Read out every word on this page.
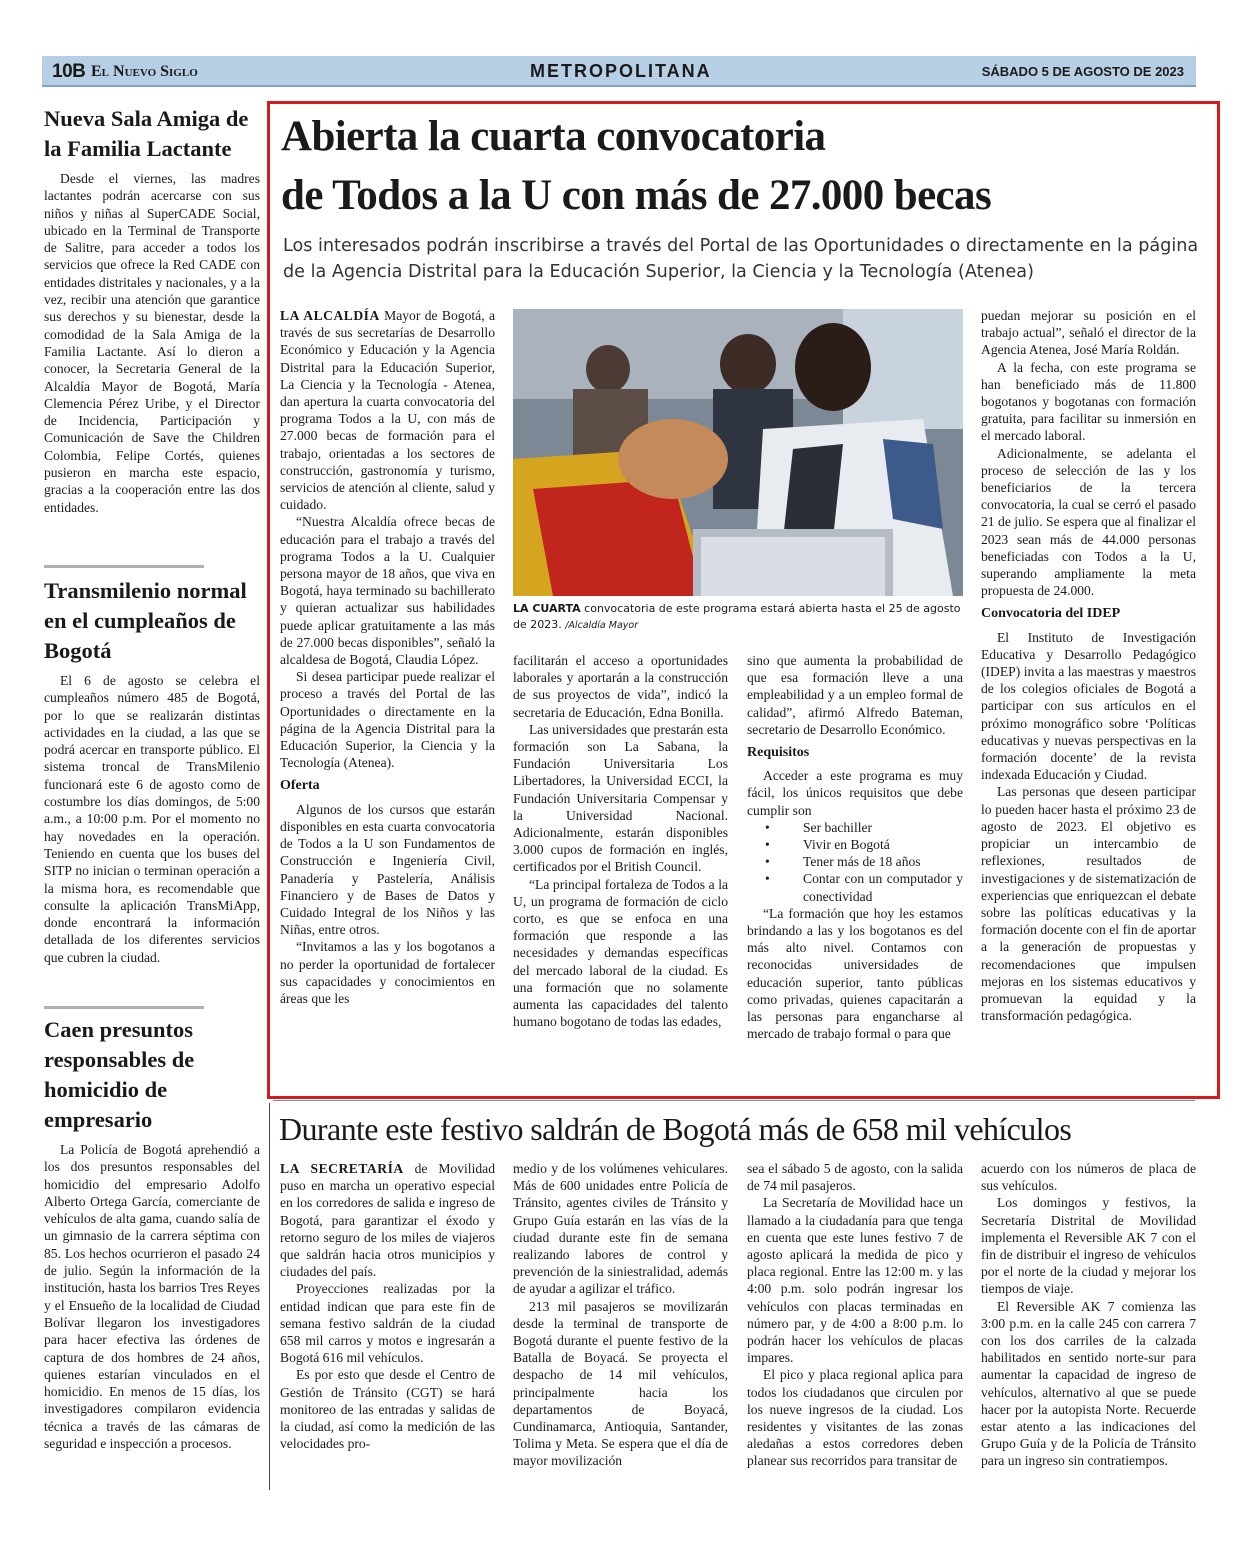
10B El Nuevo Siglo	METROPOLITANA	SÁBADO 5 DE AGOSTO DE 2023
Nueva Sala Amiga de la Familia Lactante
Desde el viernes, las madres lactantes podrán acercarse con sus niños y niñas al SuperCADE Social, ubicado en la Terminal de Transporte de Salitre, para acceder a todos los servicios que ofrece la Red CADE con entidades distritales y nacionales, y a la vez, recibir una atención que garantice sus derechos y su bienestar, desde la comodidad de la Sala Amiga de la Familia Lactante. Así lo dieron a conocer, la Secretaria General de la Alcaldía Mayor de Bogotá, María Clemencia Pérez Uribe, y el Director de Incidencia, Participación y Comunicación de Save the Children Colombia, Felipe Cortés, quienes pusieron en marcha este espacio, gracias a la cooperación entre las dos entidades.
Transmilenio normal en el cumpleaños de Bogotá
El 6 de agosto se celebra el cumpleaños número 485 de Bogotá, por lo que se realizarán distintas actividades en la ciudad, a las que se podrá acercar en transporte público. El sistema troncal de TransMilenio funcionará este 6 de agosto como de costumbre los días domingos, de 5:00 a.m., a 10:00 p.m. Por el momento no hay novedades en la operación. Teniendo en cuenta que los buses del SITP no inician o terminan operación a la misma hora, es recomendable que consulte la aplicación TransMiApp, donde encontrará la información detallada de los diferentes servicios que cubren la ciudad.
Caen presuntos responsables de homicidio de empresario
La Policía de Bogotá aprehendió a los dos presuntos responsables del homicidio del empresario Adolfo Alberto Ortega García, comerciante de vehículos de alta gama, cuando salía de un gimnasio de la carrera séptima con 85. Los hechos ocurrieron el pasado 24 de julio. Según la información de la institución, hasta los barrios Tres Reyes y el Ensueño de la localidad de Ciudad Bolívar llegaron los investigadores para hacer efectiva las órdenes de captura de dos hombres de 24 años, quienes estarían vinculados en el homicidio. En menos de 15 días, los investigadores compilaron evidencia técnica a través de las cámaras de seguridad e inspección a procesos.
Abierta la cuarta convocatoria
de Todos a la U con más de 27.000 becas
Los interesados podrán inscribirse a través del Portal de las Oportunidades o directamente en la página de la Agencia Distrital para la Educación Superior, la Ciencia y la Tecnología (Atenea)

LA ALCALDÍA Mayor de Bogotá, a través de sus secretarías de Desarrollo Económico y Educación y la Agencia Distrital para la Educación Superior, La Ciencia y la Tecnología - Atenea, dan apertura la cuarta convocatoria del programa Todos a la U, con más de 27.000 becas de formación para el trabajo, orientadas a los sectores de construcción, gastronomía y turismo, servicios de atención al cliente, salud y cuidado.

“Nuestra Alcaldía ofrece becas de educación para el trabajo a través del programa Todos a la U. Cualquier persona mayor de 18 años, que viva en Bogotá, haya terminado su bachillerato y quieran actualizar sus habilidades puede aplicar gratuitamente a las más de 27.000 becas disponibles”, señaló la alcaldesa de Bogotá, Claudia López.

Si desea participar puede realizar el proceso a través del Portal de las Oportunidades o directamente en la página de la Agencia Distrital para la Educación Superior, la Ciencia y la Tecnología (Atenea).

Oferta

Algunos de los cursos que estarán disponibles en esta cuarta convocatoria de Todos a la U son Fundamentos de Construcción e Ingeniería Civil, Panadería y Pastelería, Análisis Financiero y de Bases de Datos y Cuidado Integral de los Niños y las Niñas, entre otros.

“Invitamos a las y los bogotanos a no perder la oportunidad de fortalecer sus capacidades y conocimientos en áreas que les

LA CUARTA convocatoria de este programa estará abierta hasta el 25 de agosto de 2023. /Alcaldía Mayor

facilitarán el acceso a oportunidades laborales y aportarán a la construcción de sus proyectos de vida”, indicó la secretaria de Educación, Edna Bonilla.

Las universidades que prestarán esta formación son La Sabana, la Fundación Universitaria Los Libertadores, la Universidad ECCI, la Fundación Universitaria Compensar y la Universidad Nacional. Adicionalmente, estarán disponibles 3.000 cupos de formación en inglés, certificados por el British Council.

“La principal fortaleza de Todos a la U, un programa de formación de ciclo corto, es que se enfoca en una formación que responde a las necesidades y demandas específicas del mercado laboral de la ciudad. Es una formación que no solamente aumenta las capacidades del talento humano bogotano de todas las edades,

sino que aumenta la probabilidad de que esa formación lleve a una empleabilidad y a un empleo formal de calidad”, afirmó Alfredo Bateman, secretario de Desarrollo Económico.

Requisitos

Acceder a este programa es muy fácil, los únicos requisitos que debe cumplir son

• Ser bachiller
• Vivir en Bogotá
• Tener más de 18 años
• Contar con un computador y conectividad

“La formación que hoy les estamos brindando a las y los bogotanos es del más alto nivel. Contamos con reconocidas universidades de educación superior, tanto públicas como privadas, quienes capacitarán a las personas para engancharse al mercado de trabajo formal o para que

puedan mejorar su posición en el trabajo actual”, señaló el director de la Agencia Atenea, José María Roldán.

A la fecha, con este programa se han beneficiado más de 11.800 bogotanos y bogotanas con formación gratuita, para facilitar su inmersión en el mercado laboral.

Adicionalmente, se adelanta el proceso de selección de las y los beneficiarios de la tercera convocatoria, la cual se cerró el pasado 21 de julio. Se espera que al finalizar el 2023 sean más de 44.000 personas beneficiadas con Todos a la U, superando ampliamente la meta propuesta de 24.000.

Convocatoria del IDEP

El Instituto de Investigación Educativa y Desarrollo Pedagógico (IDEP) invita a las maestras y maestros de los colegios oficiales de Bogotá a participar con sus artículos en el próximo monográfico sobre ‘Políticas educativas y nuevas perspectivas en la formación docente’ de la revista indexada Educación y Ciudad.

Las personas que deseen participar lo pueden hacer hasta el próximo 23 de agosto de 2023. El objetivo es propiciar un intercambio de reflexiones, resultados de investigaciones y de sistematización de experiencias que enriquezcan el debate sobre las políticas educativas y la formación docente con el fin de aportar a la generación de propuestas y recomendaciones que impulsen mejoras en los sistemas educativos y promuevan la equidad y la transformación pedagógica.

Durante este festivo saldrán de Bogotá más de 658 mil vehículos

LA SECRETARÍA de Movilidad puso en marcha un operativo especial en los corredores de salida e ingreso de Bogotá, para garantizar el éxodo y retorno seguro de los miles de viajeros que saldrán hacia otros municipios y ciudades del país.

Proyecciones realizadas por la entidad indican que para este fin de semana festivo saldrán de la ciudad 658 mil carros y motos e ingresarán a Bogotá 616 mil vehículos.

Es por esto que desde el Centro de Gestión de Tránsito (CGT) se hará monitoreo de las entradas y salidas de la ciudad, así como la medición de las velocidades pro-

medio y de los volúmenes vehiculares. Más de 600 unidades entre Policía de Tránsito, agentes civiles de Tránsito y Grupo Guía estarán en las vías de la ciudad durante este fin de semana realizando labores de control y prevención de la siniestralidad, además de ayudar a agilizar el tráfico.

213 mil pasajeros se movilizarán desde la terminal de transporte de Bogotá durante el puente festivo de la Batalla de Boyacá. Se proyecta el despacho de 14 mil vehículos, principalmente hacia los departamentos de Boyacá, Cundinamarca, Antioquia, Santander, Tolima y Meta. Se espera que el día de mayor movilización

sea el sábado 5 de agosto, con la salida de 74 mil pasajeros.

La Secretaría de Movilidad hace un llamado a la ciudadanía para que tenga en cuenta que este lunes festivo 7 de agosto aplicará la medida de pico y placa regional. Entre las 12:00 m. y las 4:00 p.m. solo podrán ingresar los vehículos con placas terminadas en número par, y de 4:00 a 8:00 p.m. lo podrán hacer los vehículos de placas impares.

El pico y placa regional aplica para todos los ciudadanos que circulen por los nueve ingresos de la ciudad. Los residentes y visitantes de las zonas aledañas a estos corredores deben planear sus recorridos para transitar de

acuerdo con los números de placa de sus vehículos.

Los domingos y festivos, la Secretaría Distrital de Movilidad implementa el Reversible AK 7 con el fin de distribuir el ingreso de vehículos por el norte de la ciudad y mejorar los tiempos de viaje.

El Reversible AK 7 comienza las 3:00 p.m. en la calle 245 con carrera 7 con los dos carriles de la calzada habilitados en sentido norte-sur para aumentar la capacidad de ingreso de vehículos, alternativo al que se puede hacer por la autopista Norte. Recuerde estar atento a las indicaciones del Grupo Guía y de la Policía de Tránsito para un ingreso sin contratiempos.
